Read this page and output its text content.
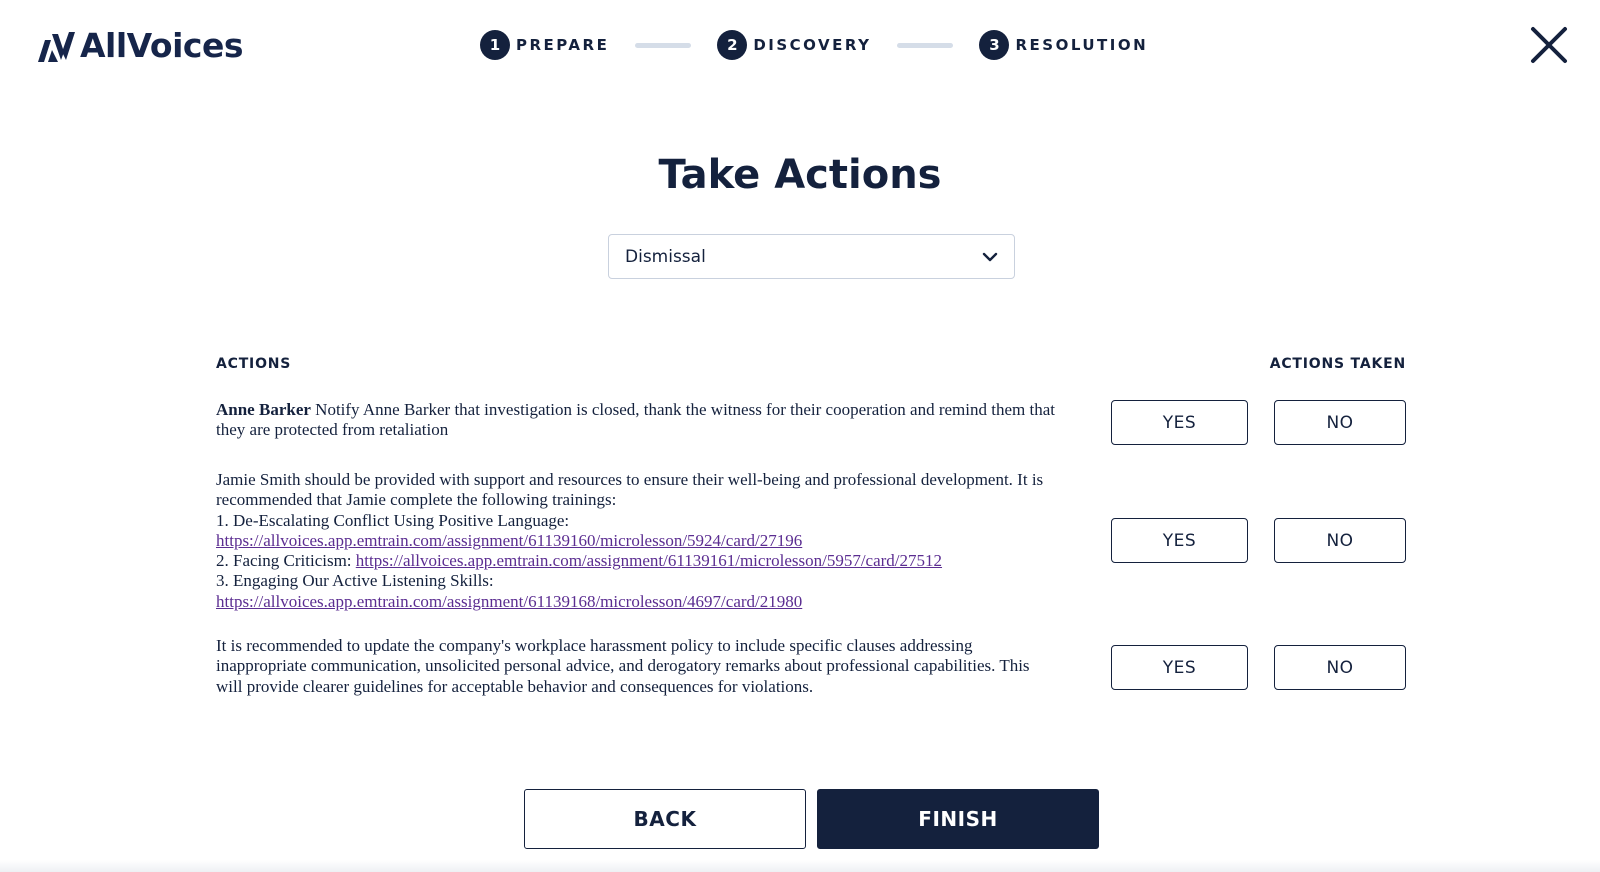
AllVoices	1	PREPARE	2	DISCOVERY	3	RESOLUTION
Take Actions
Dismissal
ACTIONS	ACTIONS TAKEN
Anne Barker Notify Anne Barker that investigation is closed, thank the witness for their cooperation and remind them that they are protected from retaliation	YES	NO
Jamie Smith should be provided with support and resources to ensure their well-being and professional development. It is recommended that Jamie complete the following trainings:
1. De-Escalating Conflict Using Positive Language:
https://allvoices.app.emtrain.com/assignment/61139160/microlesson/5924/card/27196
2. Facing Criticism: https://allvoices.app.emtrain.com/assignment/61139161/microlesson/5957/card/27512
3. Engaging Our Active Listening Skills:
https://allvoices.app.emtrain.com/assignment/61139168/microlesson/4697/card/21980
YES	NO
It is recommended to update the company's workplace harassment policy to include specific clauses addressing inappropriate communication, unsolicited personal advice, and derogatory remarks about professional capabilities. This will provide clearer guidelines for acceptable behavior and consequences for violations.
YES	NO
BACK	FINISH
